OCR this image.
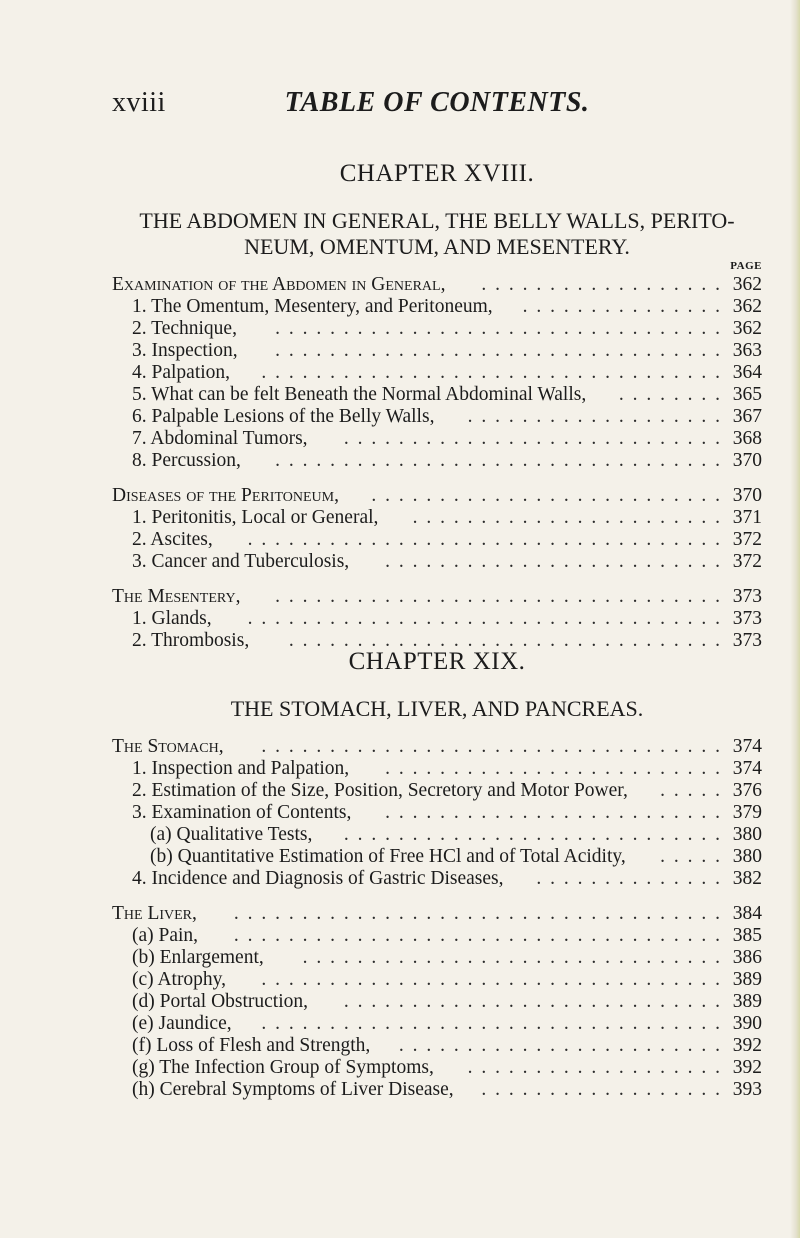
xviii	TABLE OF CONTENTS.
CHAPTER XVIII.
THE ABDOMEN IN GENERAL, THE BELLY WALLS, PERITO-
NEUM, OMENTUM, AND MESENTERY.
PAGE
. . . . . . . . . . . . . . . . . .
Examination of the Abdomen in General,	362
. . . . . . . . . . . . . . .
1. The Omentum, Mesentery, and Peritoneum,	362
. . . . . . . . . . . . . . . . . . . . . . . . . . . . . . . . .
2. Technique,	362
. . . . . . . . . . . . . . . . . . . . . . . . . . . . . . . . .
3. Inspection,	363
. . . . . . . . . . . . . . . . . . . . . . . . . . . . . . . . . .
4. Palpation,	364
. . . . . . . .
5. What can be felt Beneath the Normal Abdominal Walls,	365
. . . . . . . . . . . . . . . . . . .
6. Palpable Lesions of the Belly Walls,	367
. . . . . . . . . . . . . . . . . . . . . . . . . . . .
7. Abdominal Tumors,	368
. . . . . . . . . . . . . . . . . . . . . . . . . . . . . . . . .
8. Percussion,	370
. . . . . . . . . . . . . . . . . . . . . . . . . .
Diseases of the Peritoneum,	370
. . . . . . . . . . . . . . . . . . . . . . .
1. Peritonitis, Local or General,	371
. . . . . . . . . . . . . . . . . . . . . . . . . . . . . . . . . . .
2. Ascites,	372
. . . . . . . . . . . . . . . . . . . . . . . . .
3. Cancer and Tuberculosis,	372
. . . . . . . . . . . . . . . . . . . . . . . . . . . . . . . . .
The Mesentery,	373
. . . . . . . . . . . . . . . . . . . . . . . . . . . . . . . . . . .
1. Glands,	373
. . . . . . . . . . . . . . . . . . . . . . . . . . . . . . . .
2. Thrombosis,	373
CHAPTER XIX.
THE STOMACH, LIVER, AND PANCREAS.
. . . . . . . . . . . . . . . . . . . . . . . . . . . . . . . . . .
The Stomach,	374
. . . . . . . . . . . . . . . . . . . . . . . . .
1. Inspection and Palpation,	374
. . . . .
2. Estimation of the Size, Position, Secretory and Motor Power,	376
. . . . . . . . . . . . . . . . . . . . . . . . .
3. Examination of Contents,	379
. . . . . . . . . . . . . . . . . . . . . . . . . . . .
(a) Qualitative Tests,	380
. . . . .
(b) Quantitative Estimation of Free HCl and of Total Acidity,	380
. . . . . . . . . . . . . .
4. Incidence and Diagnosis of Gastric Diseases,	382
. . . . . . . . . . . . . . . . . . . . . . . . . . . . . . . . . . . .
The Liver,	384
. . . . . . . . . . . . . . . . . . . . . . . . . . . . . . . . . . . .
(a) Pain,	385
. . . . . . . . . . . . . . . . . . . . . . . . . . . . . . .
(b) Enlargement,	386
. . . . . . . . . . . . . . . . . . . . . . . . . . . . . . . . . .
(c) Atrophy,	389
. . . . . . . . . . . . . . . . . . . . . . . . . . . .
(d) Portal Obstruction,	389
. . . . . . . . . . . . . . . . . . . . . . . . . . . . . . . . . .
(e) Jaundice,	390
. . . . . . . . . . . . . . . . . . . . . . . .
(f) Loss of Flesh and Strength,	392
. . . . . . . . . . . . . . . . . . .
(g) The Infection Group of Symptoms,	392
. . . . . . . . . . . . . . . . . .
(h) Cerebral Symptoms of Liver Disease,	393
